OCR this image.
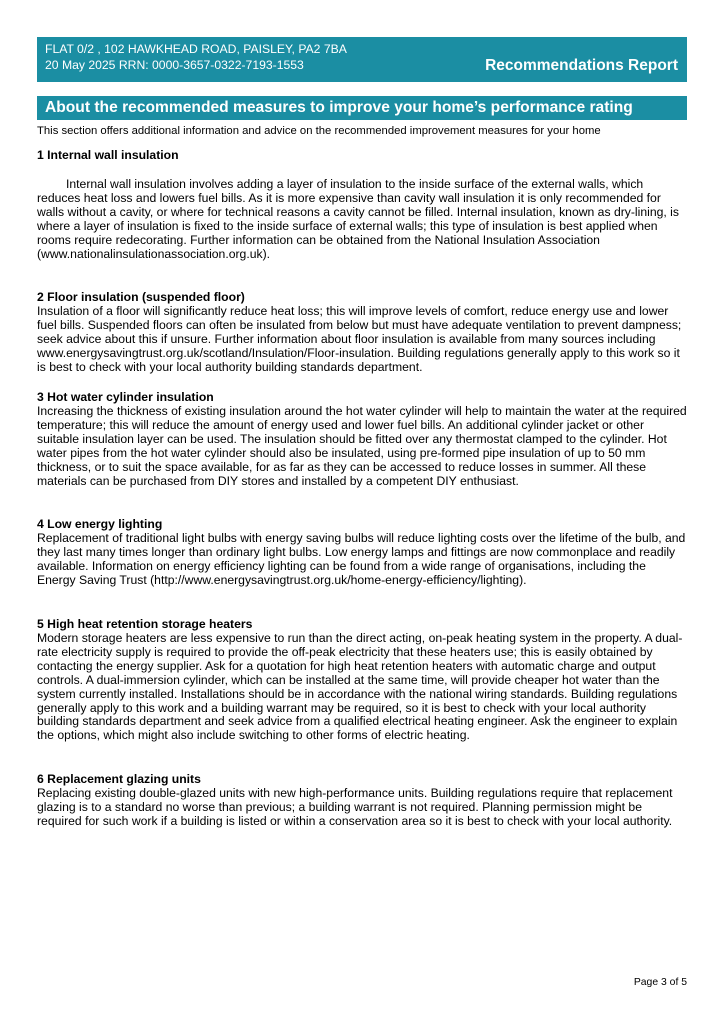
FLAT 0/2 , 102 HAWKHEAD ROAD, PAISLEY, PA2 7BA
20 May 2025 RRN: 0000-3657-0322-7193-1553	Recommendations Report
About the recommended measures to improve your home’s performance rating
This section offers additional information and advice on the recommended improvement measures for your home
1 Internal wall insulation
Internal wall insulation involves adding a layer of insulation to the inside surface of the external walls, which reduces heat loss and lowers fuel bills. As it is more expensive than cavity wall insulation it is only recommended for walls without a cavity, or where for technical reasons a cavity cannot be filled. Internal insulation, known as dry-lining, is where a layer of insulation is fixed to the inside surface of external walls; this type of insulation is best applied when rooms require redecorating. Further information can be obtained from the National Insulation Association (www.nationalinsulationassociation.org.uk).
2 Floor insulation (suspended floor)
Insulation of a floor will significantly reduce heat loss; this will improve levels of comfort, reduce energy use and lower fuel bills. Suspended floors can often be insulated from below but must have adequate ventilation to prevent dampness; seek advice about this if unsure. Further information about floor insulation is available from many sources including www.energysavingtrust.org.uk/scotland/Insulation/Floor-insulation. Building regulations generally apply to this work so it is best to check with your local authority building standards department.
3 Hot water cylinder insulation
Increasing the thickness of existing insulation around the hot water cylinder will help to maintain the water at the required temperature; this will reduce the amount of energy used and lower fuel bills. An additional cylinder jacket or other suitable insulation layer can be used. The insulation should be fitted over any thermostat clamped to the cylinder. Hot water pipes from the hot water cylinder should also be insulated, using pre-formed pipe insulation of up to 50 mm thickness, or to suit the space available, for as far as they can be accessed to reduce losses in summer. All these materials can be purchased from DIY stores and installed by a competent DIY enthusiast.
4 Low energy lighting
Replacement of traditional light bulbs with energy saving bulbs will reduce lighting costs over the lifetime of the bulb, and they last many times longer than ordinary light bulbs. Low energy lamps and fittings are now commonplace and readily available. Information on energy efficiency lighting can be found from a wide range of organisations, including the Energy Saving Trust (http://www.energysavingtrust.org.uk/home-energy-efficiency/lighting).
5 High heat retention storage heaters
Modern storage heaters are less expensive to run than the direct acting, on-peak heating system in the property. A dual-rate electricity supply is required to provide the off-peak electricity that these heaters use; this is easily obtained by contacting the energy supplier. Ask for a quotation for high heat retention heaters with automatic charge and output controls. A dual-immersion cylinder, which can be installed at the same time, will provide cheaper hot water than the system currently installed. Installations should be in accordance with the national wiring standards. Building regulations generally apply to this work and a building warrant may be required, so it is best to check with your local authority building standards department and seek advice from a qualified electrical heating engineer. Ask the engineer to explain the options, which might also include switching to other forms of electric heating.
6 Replacement glazing units
Replacing existing double-glazed units with new high-performance units. Building regulations require that replacement glazing is to a standard no worse than previous; a building warrant is not required. Planning permission might be required for such work if a building is listed or within a conservation area so it is best to check with your local authority.
Page 3 of 5
